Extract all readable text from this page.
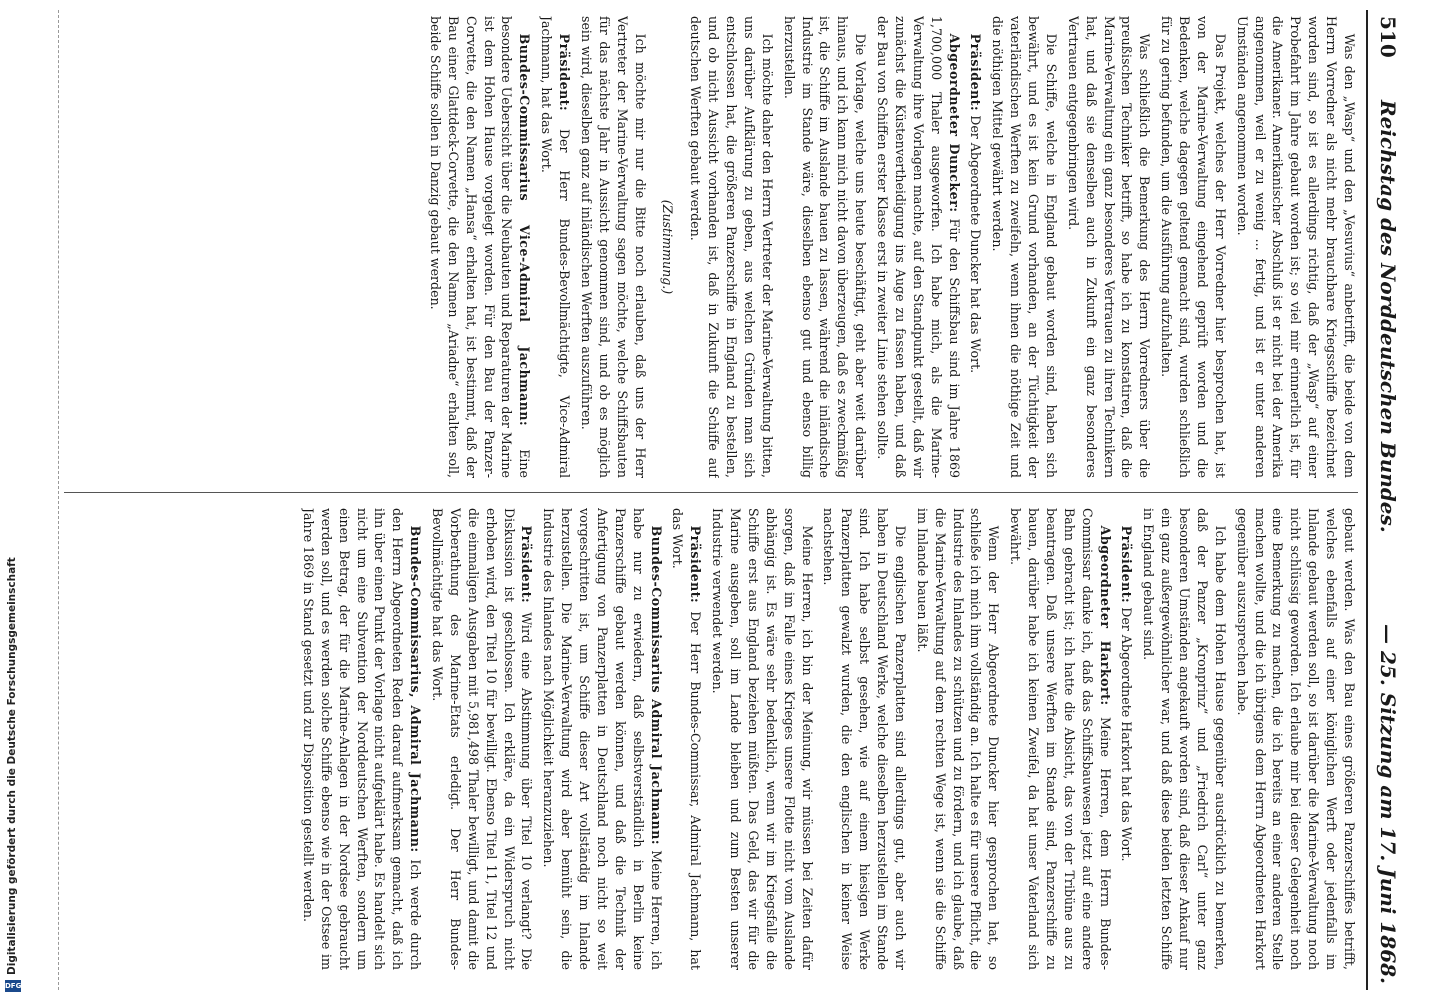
510
Reichstag des Norddeutschen Bundes.
— 25. Sitzung am 17. Juni 1868.

Was den „Wasp“ und den „Vesuvius“ anbetrifft, die beide von dem Herrn Vorredner als nicht mehr brauchbare Kriegsschiffe bezeichnet worden sind, so ist es allerdings richtig, daß der „Wasp“ auf einer Probefahrt im Jahre gebaut worden ist; so viel mir erinnerlich ist, für die Amerikaner. Amerikanischer Abschluß ist er nicht bei der Amerika angenommen, weil er zu wenig ... fertig, und ist er unter anderen Umständen angenommen worden.

Das Projekt, welches der Herr Vorredner hier besprochen hat, ist von der Marine-Verwaltung eingehend geprüft worden und die Bedenken, welche dagegen geltend gemacht sind, wurden schließlich für zu gering befunden, um die Ausführung aufzuhalten.

Was schließlich die Bemerkung des Herrn Vorredners über die preußischen Techniker betrifft, so habe ich zu konstatiren, daß die Marine-Verwaltung ein ganz besonderes Vertrauen zu ihren Technikern hat, und daß sie denselben auch in Zukunft ein ganz besonderes Vertrauen entgegenbringen wird.

Die Schiffe, welche in England gebaut worden sind, haben sich bewährt, und es ist kein Grund vorhanden, an der Tüchtigkeit der vaterländischen Werften zu zweifeln, wenn ihnen die nöthige Zeit und die nöthigen Mittel gewährt werden.

Präsident: Der Abgeordnete Duncker hat das Wort.

Abgeordneter Duncker: Für den Schiffsbau sind im Jahre 1869 1,700,000 Thaler ausgeworfen. Ich habe mich, als die Marine-Verwaltung ihre Vorlagen machte, auf den Standpunkt gestellt, daß wir zunächst die Küstenvertheidigung ins Auge zu fassen haben, und daß der Bau von Schiffen erster Klasse erst in zweiter Linie stehen sollte.

Die Vorlage, welche uns heute beschäftigt, geht aber weit darüber hinaus, und ich kann mich nicht davon überzeugen, daß es zweckmäßig ist, die Schiffe im Auslande bauen zu lassen, während die inländische Industrie im Stande wäre, dieselben ebenso gut und ebenso billig herzustellen.

Ich möchte daher den Herrn Vertreter der Marine-Verwaltung bitten, uns darüber Aufklärung zu geben, aus welchen Gründen man sich entschlossen hat, die größeren Panzerschiffe in England zu bestellen, und ob nicht Aussicht vorhanden ist, daß in Zukunft die Schiffe auf deutschen Werften gebaut werden.

(Zustimmung.)

Ich möchte mir nur die Bitte noch erlauben, daß uns der Herr Vertreter der Marine-Verwaltung sagen möchte, welche Schiffsbauten für das nächste Jahr in Aussicht genommen sind, und ob es möglich sein wird, dieselben ganz auf inländischen Werften auszuführen.

Präsident: Der Herr Bundes-Bevollmächtigte, Vice-Admiral Jachmann, hat das Wort.

Bundes-Commissarius Vice-Admiral Jachmann: Eine besondere Uebersicht über die Neubauten und Reparaturen der Marine ist dem Hohen Hause vorgelegt worden. Für den Bau der Panzer-Corvette, die den Namen „Hansa“ erhalten hat, ist bestimmt, daß der Bau einer Glattdeck-Corvette, die den Namen „Ariadne“ erhalten soll, beide Schiffe sollen in Danzig gebaut werden.

gebaut werden. Was den Bau eines größeren Panzerschiffes betrifft, welches ebenfalls auf einer königlichen Werft oder jedenfalls im Inlande gebaut werden soll, so ist darüber die Marine-Verwaltung noch nicht schlüssig geworden. Ich erlaube mir bei dieser Gelegenheit noch eine Bemerkung zu machen, die ich bereits an einer anderen Stelle machen wollte, und die ich übrigens dem Herrn Abgeordneten Harkort gegenüber auszusprechen habe.

Ich habe dem Hohen Hause gegenüber ausdrücklich zu bemerken, daß der Panzer „Kronprinz“ und „Friedrich Carl“ unter ganz besonderen Umständen angekauft worden sind, daß dieser Ankauf nur ein ganz außergewöhnlicher war, und daß diese beiden letzten Schiffe in England gebaut sind.

Präsident: Der Abgeordnete Harkort hat das Wort.

Abgeordneter Harkort: Meine Herren, dem Herrn Bundes-Commissar danke ich, daß das Schiffsbauwesen jetzt auf eine andere Bahn gebracht ist; ich hatte die Absicht, das von der Tribüne aus zu beantragen. Daß unsere Werften im Stande sind, Panzerschiffe zu bauen, darüber habe ich keinen Zweifel, da hat unser Vaterland sich bewährt.

Wenn der Herr Abgeordnete Duncker hier gesprochen hat, so schließe ich mich ihm vollständig an. Ich halte es für unsere Pflicht, die Industrie des Inlandes zu schützen und zu fördern, und ich glaube, daß die Marine-Verwaltung auf dem rechten Wege ist, wenn sie die Schiffe im Inlande bauen läßt.

Die englischen Panzerplatten sind allerdings gut, aber auch wir haben in Deutschland Werke, welche dieselben herzustellen im Stande sind. Ich habe selbst gesehen, wie auf einem hiesigen Werke Panzerplatten gewalzt wurden, die den englischen in keiner Weise nachstehen.

Meine Herren, ich bin der Meinung, wir müssen bei Zeiten dafür sorgen, daß im Falle eines Krieges unsere Flotte nicht vom Auslande abhängig ist. Es wäre sehr bedenklich, wenn wir im Kriegsfalle die Schiffe erst aus England beziehen müßten. Das Geld, das wir für die Marine ausgeben, soll im Lande bleiben und zum Besten unserer Industrie verwendet werden.

Präsident: Der Herr Bundes-Commissar, Admiral Jachmann, hat das Wort.

Bundes-Commissarius Admiral Jachmann: Meine Herren, ich habe nur zu erwiedern, daß selbstverständlich in Berlin keine Panzerschiffe gebaut werden können, und daß die Technik der Anfertigung von Panzerplatten in Deutschland noch nicht so weit vorgeschritten ist, um Schiffe dieser Art vollständig im Inlande herzustellen. Die Marine-Verwaltung wird aber bemüht sein, die Industrie des Inlandes nach Möglichkeit heranzuziehen.

Präsident: Wird eine Abstimmung über Titel 10 verlangt? Die Diskussion ist geschlossen. Ich erkläre, da ein Widerspruch nicht erhoben wird, den Titel 10 für bewilligt. Ebenso Titel 11, Titel 12 und die einmaligen Ausgaben mit 5,981,498 Thaler bewilligt, und damit die Vorberathung des Marine-Etats erledigt. Der Herr Bundes-Bevollmächtigte hat das Wort.

Bundes-Commissarius, Admiral Jachmann: Ich werde durch den Herrn Abgeordneten Reden darauf aufmerksam gemacht, daß ich ihn über einen Punkt der Vorlage nicht aufgeklärt habe. Es handelt sich nicht um eine Subvention der Norddeutschen Werften, sondern um einen Betrag, der für die Marine-Anlagen in der Nordsee gebraucht werden soll, und es werden solche Schiffe ebenso wie in der Ostsee im Jahre 1869 in Stand gesetzt und zur Disposition gestellt werden.

Digitalisierung gefördert durch die Deutsche Forschungsgemeinschaft
DFG
